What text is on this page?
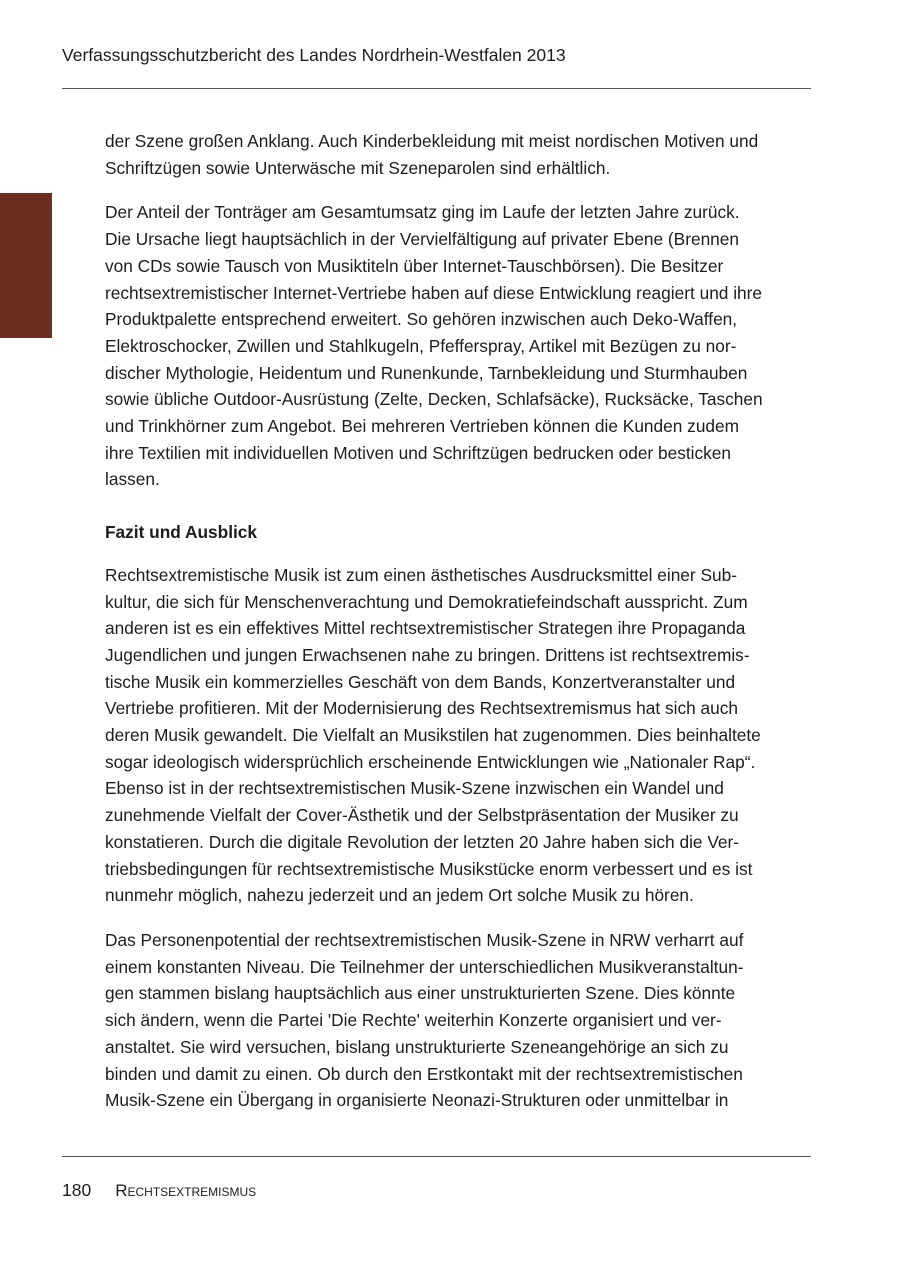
Verfassungsschutzbericht des Landes Nordrhein-Westfalen 2013
der Szene großen Anklang. Auch Kinderbekleidung mit meist nordischen Motiven und
Schriftzügen sowie Unterwäsche mit Szeneparolen sind erhältlich.
Der Anteil der Tonträger am Gesamtumsatz ging im Laufe der letzten Jahre zurück.
Die Ursache liegt hauptsächlich in der Vervielfältigung auf privater Ebene (Brennen
von CDs sowie Tausch von Musiktiteln über Internet-Tauschbörsen). Die Besitzer
rechtsextremistischer Internet-Vertriebe haben auf diese Entwicklung reagiert und ihre
Produktpalette entsprechend erweitert. So gehören inzwischen auch Deko-Waffen,
Elektroschocker, Zwillen und Stahlkugeln, Pfefferspray, Artikel mit Bezügen zu nor-
discher Mythologie, Heidentum und Runenkunde, Tarnbekleidung und Sturmhauben
sowie übliche Outdoor-Ausrüstung (Zelte, Decken, Schlafsäcke), Rucksäcke, Taschen
und Trinkhörner zum Angebot. Bei mehreren Vertrieben können die Kunden zudem
ihre Textilien mit individuellen Motiven und Schriftzügen bedrucken oder besticken
lassen.
Fazit und Ausblick
Rechtsextremistische Musik ist zum einen ästhetisches Ausdrucksmittel einer Sub-
kultur, die sich für Menschenverachtung und Demokratiefeindschaft ausspricht. Zum
anderen ist es ein effektives Mittel rechtsextremistischer Strategen ihre Propaganda
Jugendlichen und jungen Erwachsenen nahe zu bringen. Drittens ist rechtsextremis-
tische Musik ein kommerzielles Geschäft von dem Bands, Konzertveranstalter und
Vertriebe profitieren. Mit der Modernisierung des Rechtsextremismus hat sich auch
deren Musik gewandelt. Die Vielfalt an Musikstilen hat zugenommen. Dies beinhaltete
sogar ideologisch widersprüchlich erscheinende Entwicklungen wie „Nationaler Rap“.
Ebenso ist in der rechtsextremistischen Musik-Szene inzwischen ein Wandel und
zunehmende Vielfalt der Cover-Ästhetik und der Selbstpräsentation der Musiker zu
konstatieren. Durch die digitale Revolution der letzten 20 Jahre haben sich die Ver-
triebsbedingungen für rechtsextremistische Musikstücke enorm verbessert und es ist
nunmehr möglich, nahezu jederzeit und an jedem Ort solche Musik zu hören.
Das Personenpotential der rechtsextremistischen Musik-Szene in NRW verharrt auf
einem konstanten Niveau. Die Teilnehmer der unterschiedlichen Musikveranstaltun-
gen stammen bislang hauptsächlich aus einer unstrukturierten Szene. Dies könnte
sich ändern, wenn die Partei 'Die Rechte' weiterhin Konzerte organisiert und ver-
anstaltet. Sie wird versuchen, bislang unstrukturierte Szeneangehörige an sich zu
binden und damit zu einen. Ob durch den Erstkontakt mit der rechtsextremistischen
Musik-Szene ein Übergang in organisierte Neonazi-Strukturen oder unmittelbar in
180 Rechtsextremismus
